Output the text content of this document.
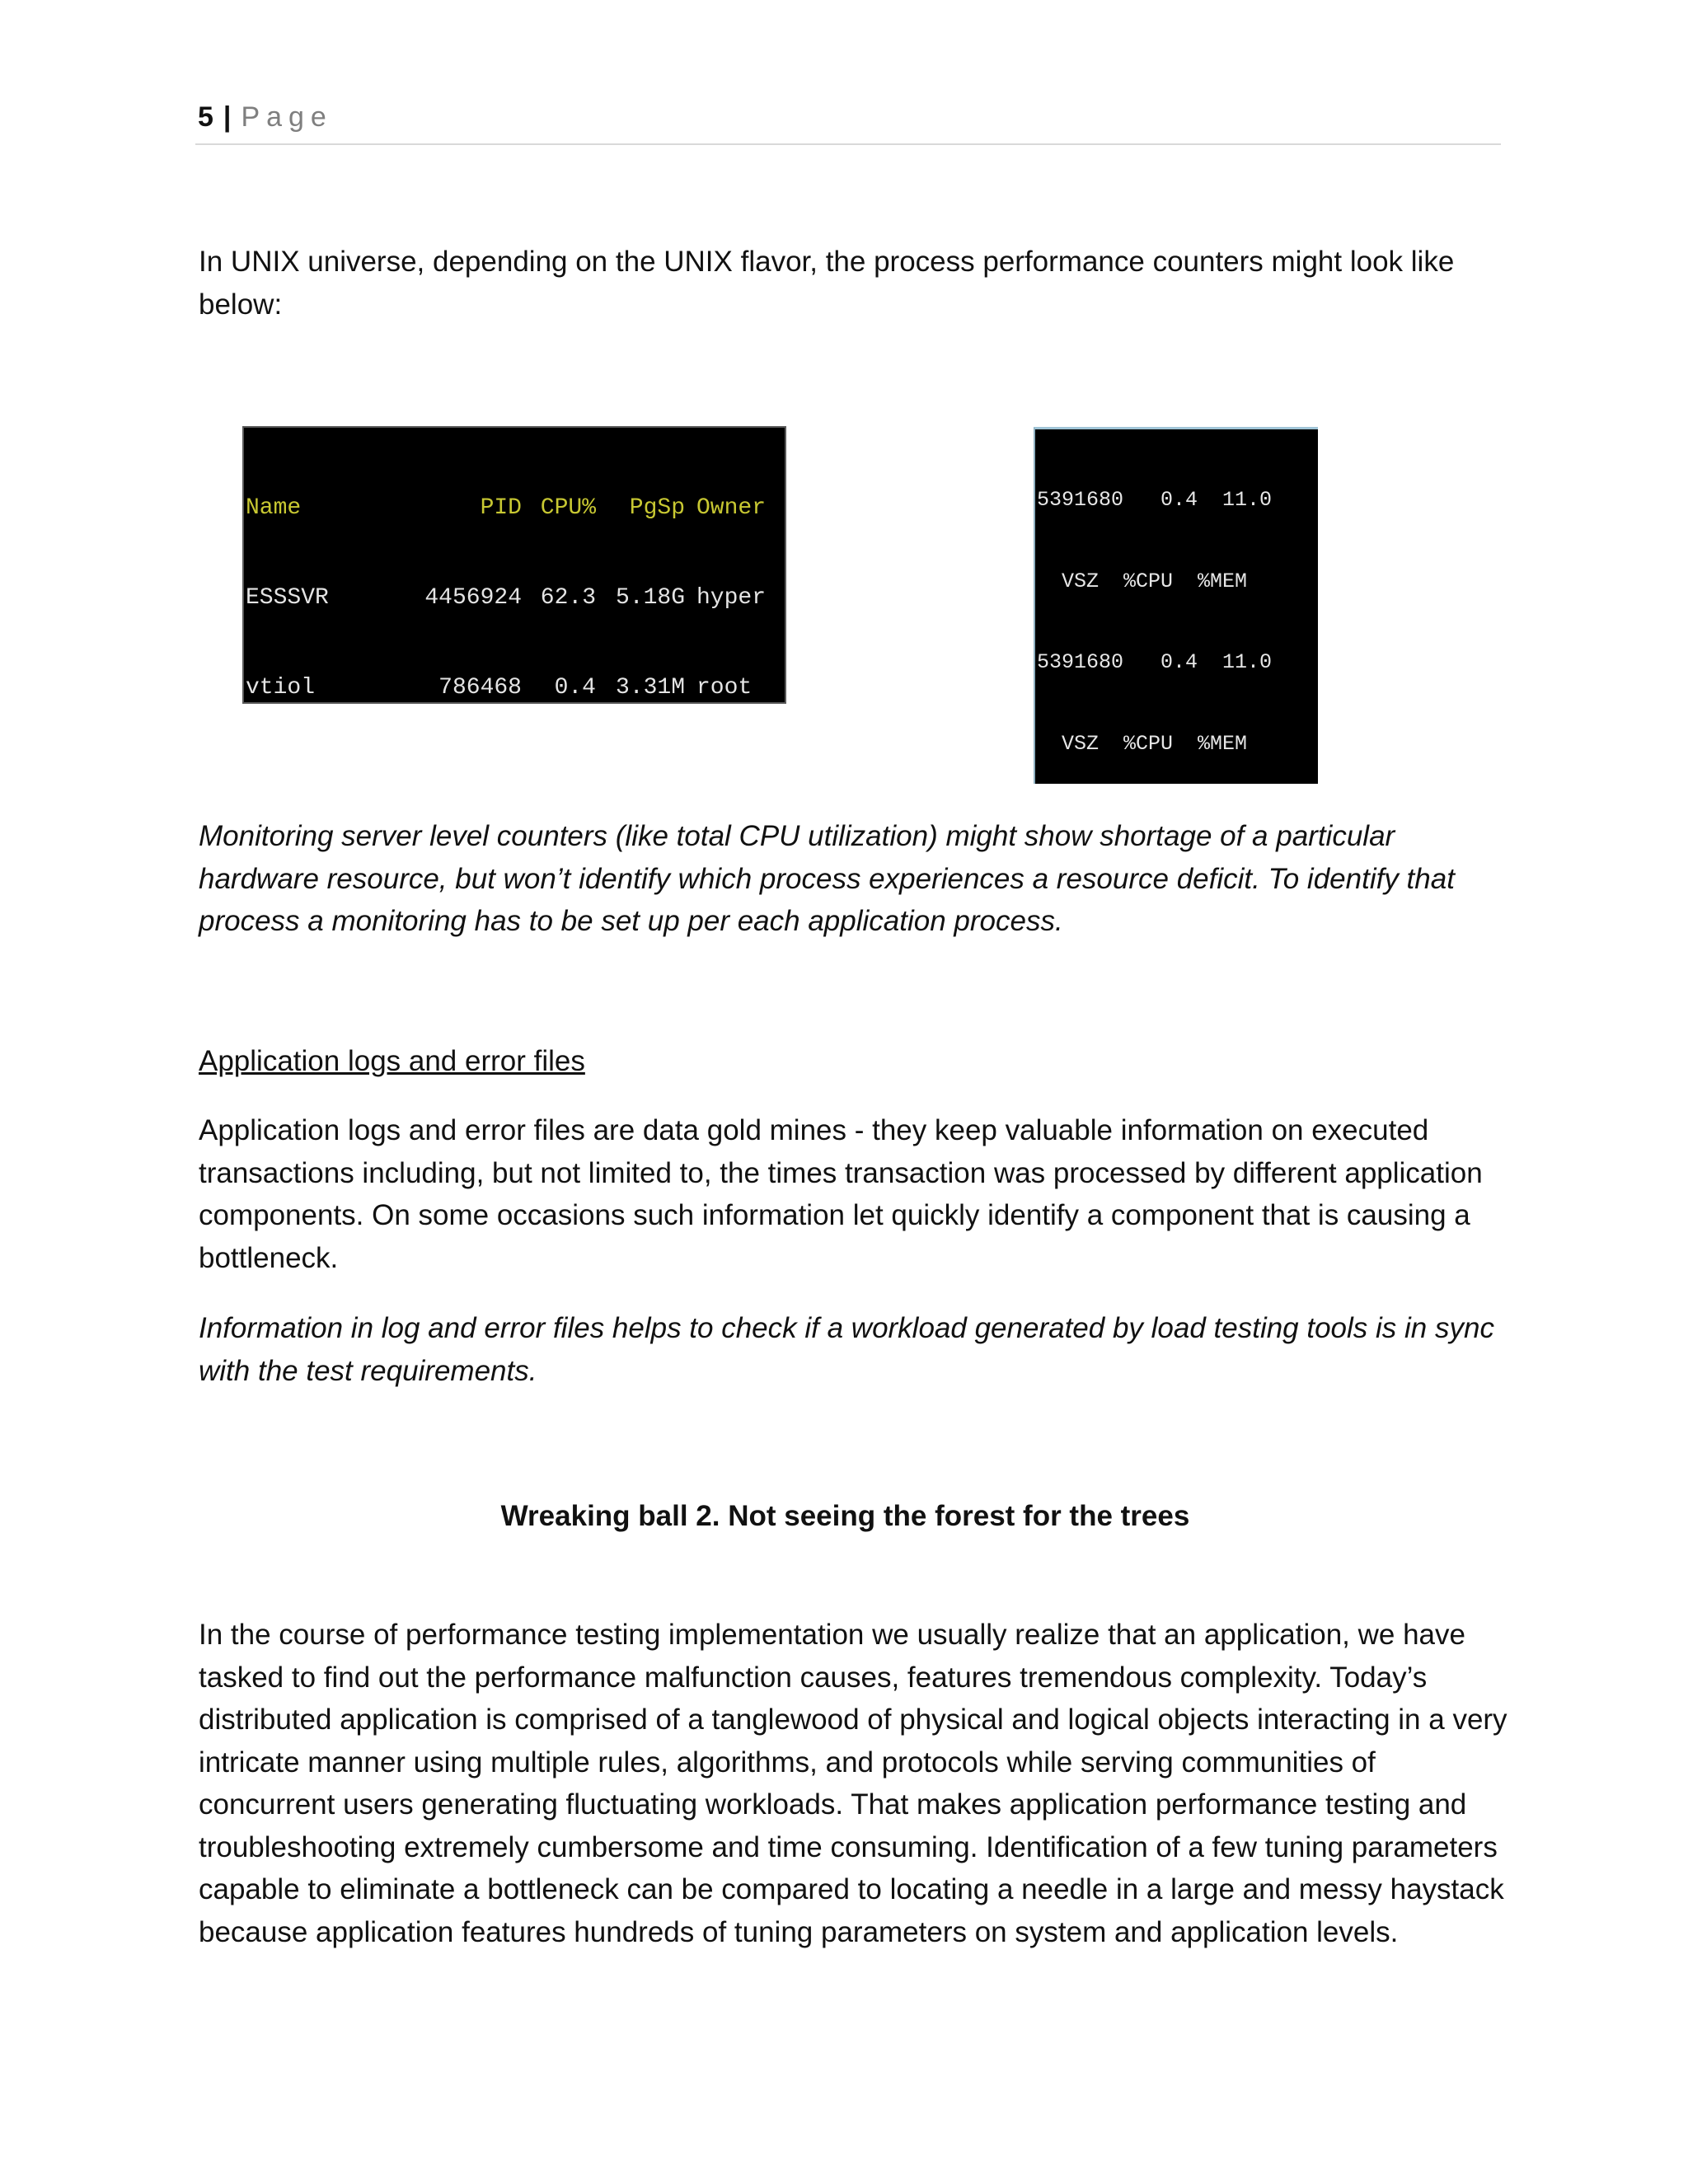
5 | Page

In UNIX universe, depending on the UNIX flavor, the process performance counters might look like below:

Name	PID CPU% PgSp Owner

ESSSVR	4456924 62.3 5.18G hyper

vtiol	786468 0.4 3.31M root

5391680   0.4  11.0

VSZ  %CPU  %MEM

5391680   0.4  11.0

VSZ  %CPU  %MEM

Monitoring server level counters (like total CPU utilization) might show shortage of a particular hardware resource, but won’t identify which process experiences a resource deficit. To identify that process a monitoring has to be set up per each application process.

Application logs and error files

Application logs and error files are data gold mines - they keep valuable information on executed transactions including, but not limited to, the times transaction was processed by different application components. On some occasions such information let quickly identify a component that is causing a bottleneck.

Information in log and error files helps to check if a workload generated by load testing tools is in sync with the test requirements.

Wreaking ball 2. Not seeing the forest for the trees

In the course of performance testing implementation we usually realize that an application, we have tasked to find out the performance malfunction causes, features tremendous complexity. Today’s distributed application is comprised of a tanglewood of physical and logical objects interacting in a very intricate manner using multiple rules, algorithms, and protocols while serving communities of concurrent users generating fluctuating workloads. That makes application performance testing and troubleshooting extremely cumbersome and time consuming. Identification of a few tuning parameters capable to eliminate a bottleneck can be compared to locating a needle in a large and messy haystack because application features hundreds of tuning parameters on system and application levels.
